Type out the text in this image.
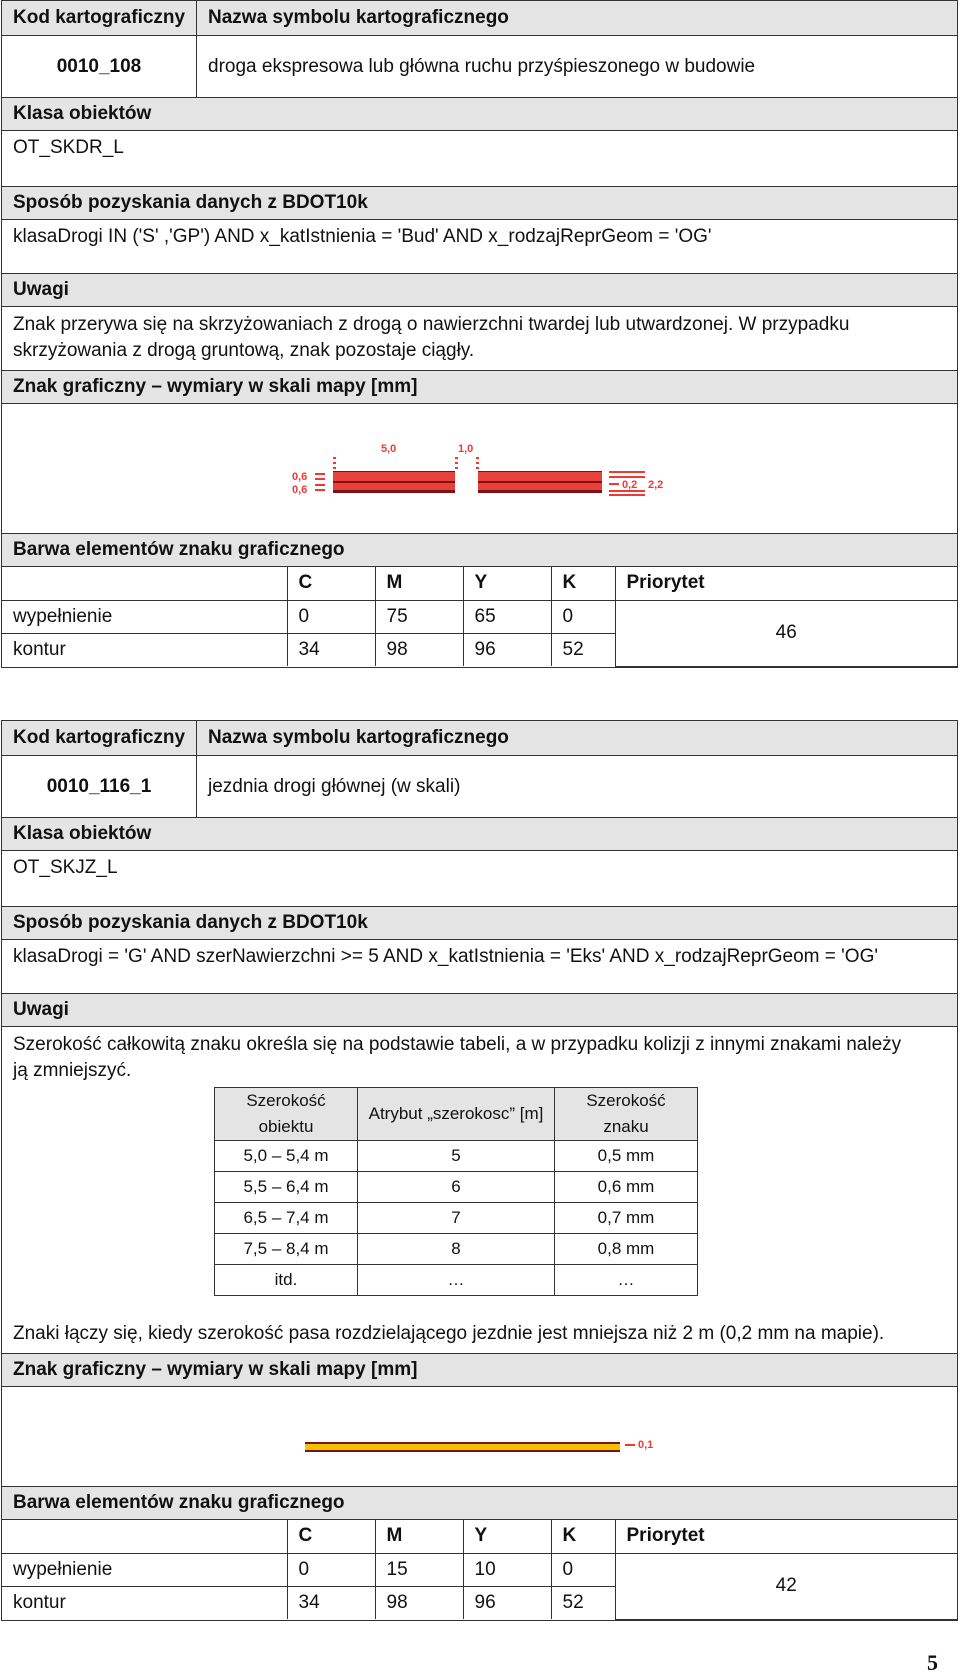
Kod kartograficzny	Nazwa symbolu kartograficznego
0010_108	droga ekspresowa lub główna ruchu przyśpieszonego w budowie
Klasa obiektów
OT_SKDR_L
Sposób pozyskania danych z BDOT10k
klasaDrogi IN ('S' ,'GP') AND x_katIstnienia = 'Bud' AND x_rodzajReprGeom = 'OG'
Uwagi
Znak przerywa się na skrzyżowaniach z drogą o nawierzchni twardej lub utwardzonej. W przypadku
skrzyżowania z drogą gruntową, znak pozostaje ciągły.
Znak graficzny – wymiary w skali mapy [mm]
5,0	1,0
0,6
0,6	0,2 2,2
Barwa elementów znaku graficznego
	C	M	Y	K	Priorytet
wypełnienie	0	75	65	0	46
kontur	34	98	96	52	
Kod kartograficzny	Nazwa symbolu kartograficznego
0010_116_1	jezdnia drogi głównej (w skali)
Klasa obiektów
OT_SKJZ_L
Sposób pozyskania danych z BDOT10k
klasaDrogi = 'G' AND szerNawierzchni >= 5 AND x_katIstnienia = 'Eks' AND x_rodzajReprGeom = 'OG'
Uwagi
Szerokość całkowitą znaku określa się na podstawie tabeli, a w przypadku kolizji z innymi znakami należy
ją zmniejszyć.
Szerokość obiektu	Atrybut „szerokosc” [m]	Szerokość znaku
5,0 – 5,4 m	5	0,5 mm
5,5 – 6,4 m	6	0,6 mm
6,5 – 7,4 m	7	0,7 mm
7,5 – 8,4 m	8	0,8 mm
itd.	…	…
Znaki łączy się, kiedy szerokość pasa rozdzielającego jezdnie jest mniejsza niż 2 m (0,2 mm na mapie).
Znak graficzny – wymiary w skali mapy [mm]
0,1
Barwa elementów znaku graficznego
	C	M	Y	K	Priorytet
wypełnienie	0	15	10	0	42
kontur	34	98	96	52	
5
